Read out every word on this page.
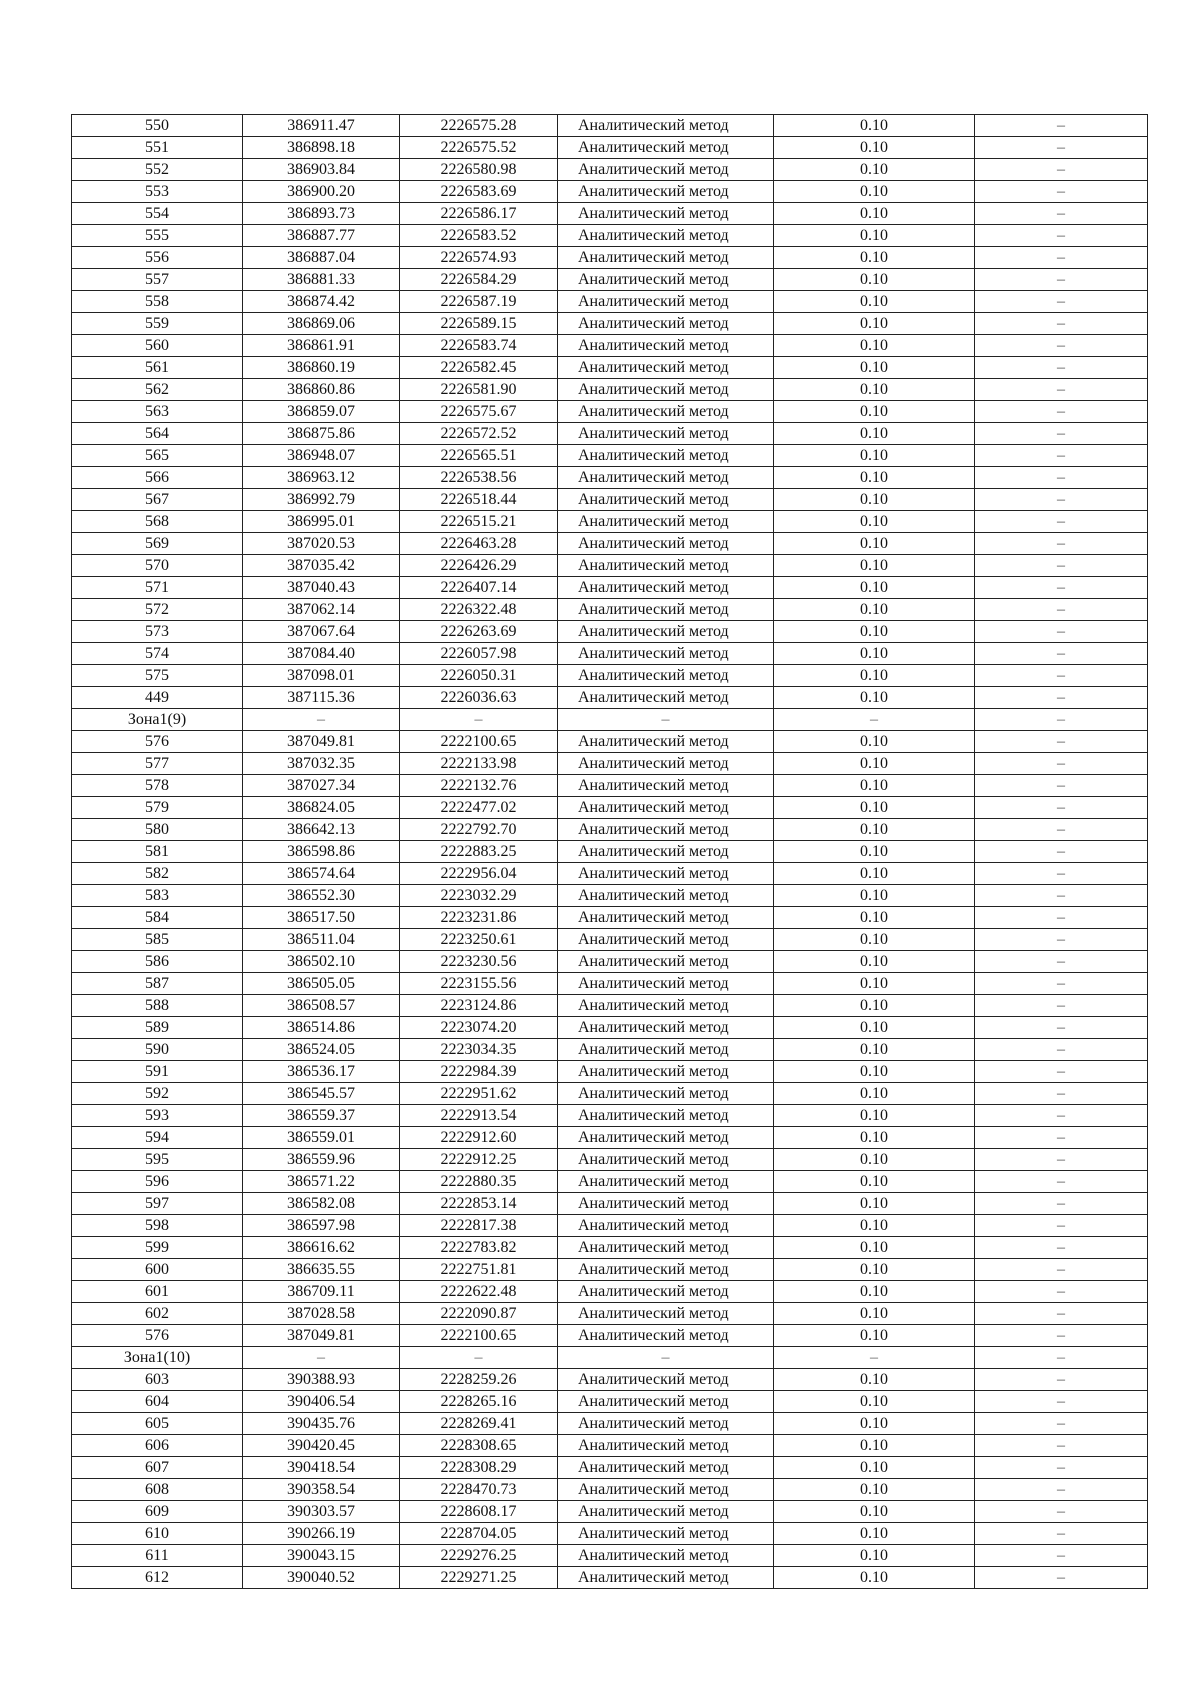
550	386911.47	2226575.28	Аналитический метод	0.10	–
551	386898.18	2226575.52	Аналитический метод	0.10	–
552	386903.84	2226580.98	Аналитический метод	0.10	–
553	386900.20	2226583.69	Аналитический метод	0.10	–
554	386893.73	2226586.17	Аналитический метод	0.10	–
555	386887.77	2226583.52	Аналитический метод	0.10	–
556	386887.04	2226574.93	Аналитический метод	0.10	–
557	386881.33	2226584.29	Аналитический метод	0.10	–
558	386874.42	2226587.19	Аналитический метод	0.10	–
559	386869.06	2226589.15	Аналитический метод	0.10	–
560	386861.91	2226583.74	Аналитический метод	0.10	–
561	386860.19	2226582.45	Аналитический метод	0.10	–
562	386860.86	2226581.90	Аналитический метод	0.10	–
563	386859.07	2226575.67	Аналитический метод	0.10	–
564	386875.86	2226572.52	Аналитический метод	0.10	–
565	386948.07	2226565.51	Аналитический метод	0.10	–
566	386963.12	2226538.56	Аналитический метод	0.10	–
567	386992.79	2226518.44	Аналитический метод	0.10	–
568	386995.01	2226515.21	Аналитический метод	0.10	–
569	387020.53	2226463.28	Аналитический метод	0.10	–
570	387035.42	2226426.29	Аналитический метод	0.10	–
571	387040.43	2226407.14	Аналитический метод	0.10	–
572	387062.14	2226322.48	Аналитический метод	0.10	–
573	387067.64	2226263.69	Аналитический метод	0.10	–
574	387084.40	2226057.98	Аналитический метод	0.10	–
575	387098.01	2226050.31	Аналитический метод	0.10	–
449	387115.36	2226036.63	Аналитический метод	0.10	–
Зона1(9)	–	–	–	–	–
576	387049.81	2222100.65	Аналитический метод	0.10	–
577	387032.35	2222133.98	Аналитический метод	0.10	–
578	387027.34	2222132.76	Аналитический метод	0.10	–
579	386824.05	2222477.02	Аналитический метод	0.10	–
580	386642.13	2222792.70	Аналитический метод	0.10	–
581	386598.86	2222883.25	Аналитический метод	0.10	–
582	386574.64	2222956.04	Аналитический метод	0.10	–
583	386552.30	2223032.29	Аналитический метод	0.10	–
584	386517.50	2223231.86	Аналитический метод	0.10	–
585	386511.04	2223250.61	Аналитический метод	0.10	–
586	386502.10	2223230.56	Аналитический метод	0.10	–
587	386505.05	2223155.56	Аналитический метод	0.10	–
588	386508.57	2223124.86	Аналитический метод	0.10	–
589	386514.86	2223074.20	Аналитический метод	0.10	–
590	386524.05	2223034.35	Аналитический метод	0.10	–
591	386536.17	2222984.39	Аналитический метод	0.10	–
592	386545.57	2222951.62	Аналитический метод	0.10	–
593	386559.37	2222913.54	Аналитический метод	0.10	–
594	386559.01	2222912.60	Аналитический метод	0.10	–
595	386559.96	2222912.25	Аналитический метод	0.10	–
596	386571.22	2222880.35	Аналитический метод	0.10	–
597	386582.08	2222853.14	Аналитический метод	0.10	–
598	386597.98	2222817.38	Аналитический метод	0.10	–
599	386616.62	2222783.82	Аналитический метод	0.10	–
600	386635.55	2222751.81	Аналитический метод	0.10	–
601	386709.11	2222622.48	Аналитический метод	0.10	–
602	387028.58	2222090.87	Аналитический метод	0.10	–
576	387049.81	2222100.65	Аналитический метод	0.10	–
Зона1(10)	–	–	–	–	–
603	390388.93	2228259.26	Аналитический метод	0.10	–
604	390406.54	2228265.16	Аналитический метод	0.10	–
605	390435.76	2228269.41	Аналитический метод	0.10	–
606	390420.45	2228308.65	Аналитический метод	0.10	–
607	390418.54	2228308.29	Аналитический метод	0.10	–
608	390358.54	2228470.73	Аналитический метод	0.10	–
609	390303.57	2228608.17	Аналитический метод	0.10	–
610	390266.19	2228704.05	Аналитический метод	0.10	–
611	390043.15	2229276.25	Аналитический метод	0.10	–
612	390040.52	2229271.25	Аналитический метод	0.10	–
